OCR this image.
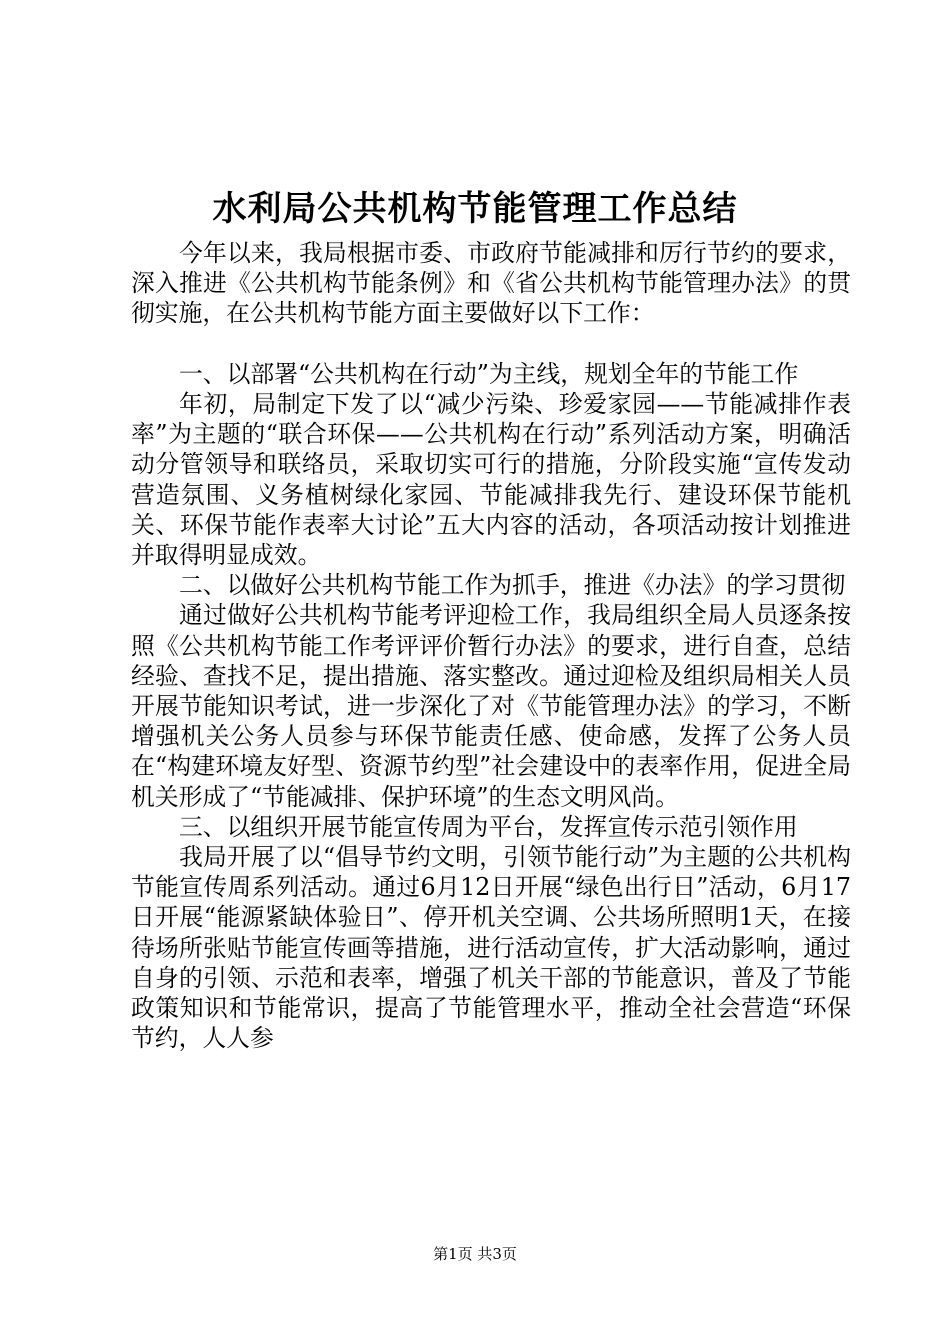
水利局公共机构节能管理工作总结

今年以来，我局根据市委、市政府节能减排和厉行节约的要求，深入推进《公共机构节能条例》和《省公共机构节能管理办法》的贯彻实施，在公共机构节能方面主要做好以下工作：

一、以部署“公共机构在行动”为主线，规划全年的节能工作

年初，局制定下发了以“减少污染、珍爱家园——节能减排作表率”为主题的“联合环保——公共机构在行动”系列活动方案，明确活动分管领导和联络员，采取切实可行的措施，分阶段实施“宣传发动营造氛围、义务植树绿化家园、节能减排我先行、建设环保节能机关、环保节能作表率大讨论”五大内容的活动，各项活动按计划推进并取得明显成效。

二、以做好公共机构节能工作为抓手，推进《办法》的学习贯彻

通过做好公共机构节能考评迎检工作，我局组织全局人员逐条按照《公共机构节能工作考评评价暂行办法》的要求，进行自查，总结经验、查找不足，提出措施、落实整改。通过迎检及组织局相关人员开展节能知识考试，进一步深化了对《节能管理办法》的学习，不断增强机关公务人员参与环保节能责任感、使命感，发挥了公务人员在“构建环境友好型、资源节约型”社会建设中的表率作用，促进全局机关形成了“节能减排、保护环境”的生态文明风尚。

三、以组织开展节能宣传周为平台，发挥宣传示范引领作用

我局开展了以“倡导节约文明，引领节能行动”为主题的公共机构节能宣传周系列活动。通过6月12日开展“绿色出行日”活动，6月17日开展“能源紧缺体验日”、停开机关空调、公共场所照明1天，在接待场所张贴节能宣传画等措施，进行活动宣传，扩大活动影响，通过自身的引领、示范和表率，增强了机关干部的节能意识，普及了节能政策知识和节能常识，提高了节能管理水平，推动全社会营造“环保节约，人人参

第1页 共3页
